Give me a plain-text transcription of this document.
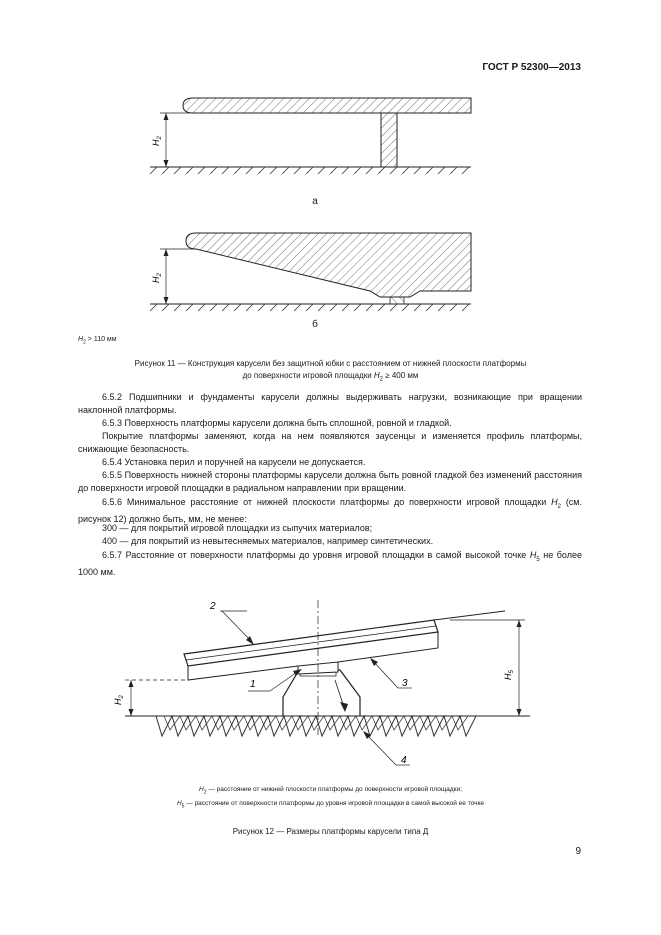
ГОСТ Р 52300—2013
$H_2$
а
$H_2$
б
$H_2 > 110$ мм
Рисунок 11 — Конструкция карусели без защитной юбки с расстоянием от нижней плоскости платформы
до поверхности игровой площадки $H_2 \ge 400$ мм
6.5.2 Подшипники и фундаменты карусели должны выдерживать нагрузки, возникающие при вращении наклонной платформы.
6.5.3 Поверхность платформы карусели должна быть сплошной, ровной и гладкой.
Покрытие платформы заменяют, когда на нем появляются заусенцы и изменяется профиль платформы, снижающие безопасность.
6.5.4 Установка перил и поручней на карусели не допускается.
6.5.5 Поверхность нижней стороны платформы карусели должна быть ровной гладкой без изменений расстояния до поверхности игровой площадки в радиальном направлении при вращении.
6.5.6 Минимальное расстояние от нижней плоскости платформы до поверхности игровой площадки $H_2$ (см. рисунок 12) должно быть, мм, не менее:
300 — для покрытий игровой площадки из сыпучих материалов;
400 — для покрытий из невытесняемых материалов, например синтетических.
6.5.7 Расстояние от поверхности платформы до уровня игровой площадки в самой высокой точке $H_5$ не более 1000 мм.
$H_2$
$H_5$
2
1	3
4
$H_2$ — расстояние от нижней плоскости платформы до поверхности игровой площадки;
$H_5$ — расстояние от поверхности платформы до уровня игровой площадки в самой высокой ее точке
Рисунок 12 — Размеры платформы карусели типа Д
9
